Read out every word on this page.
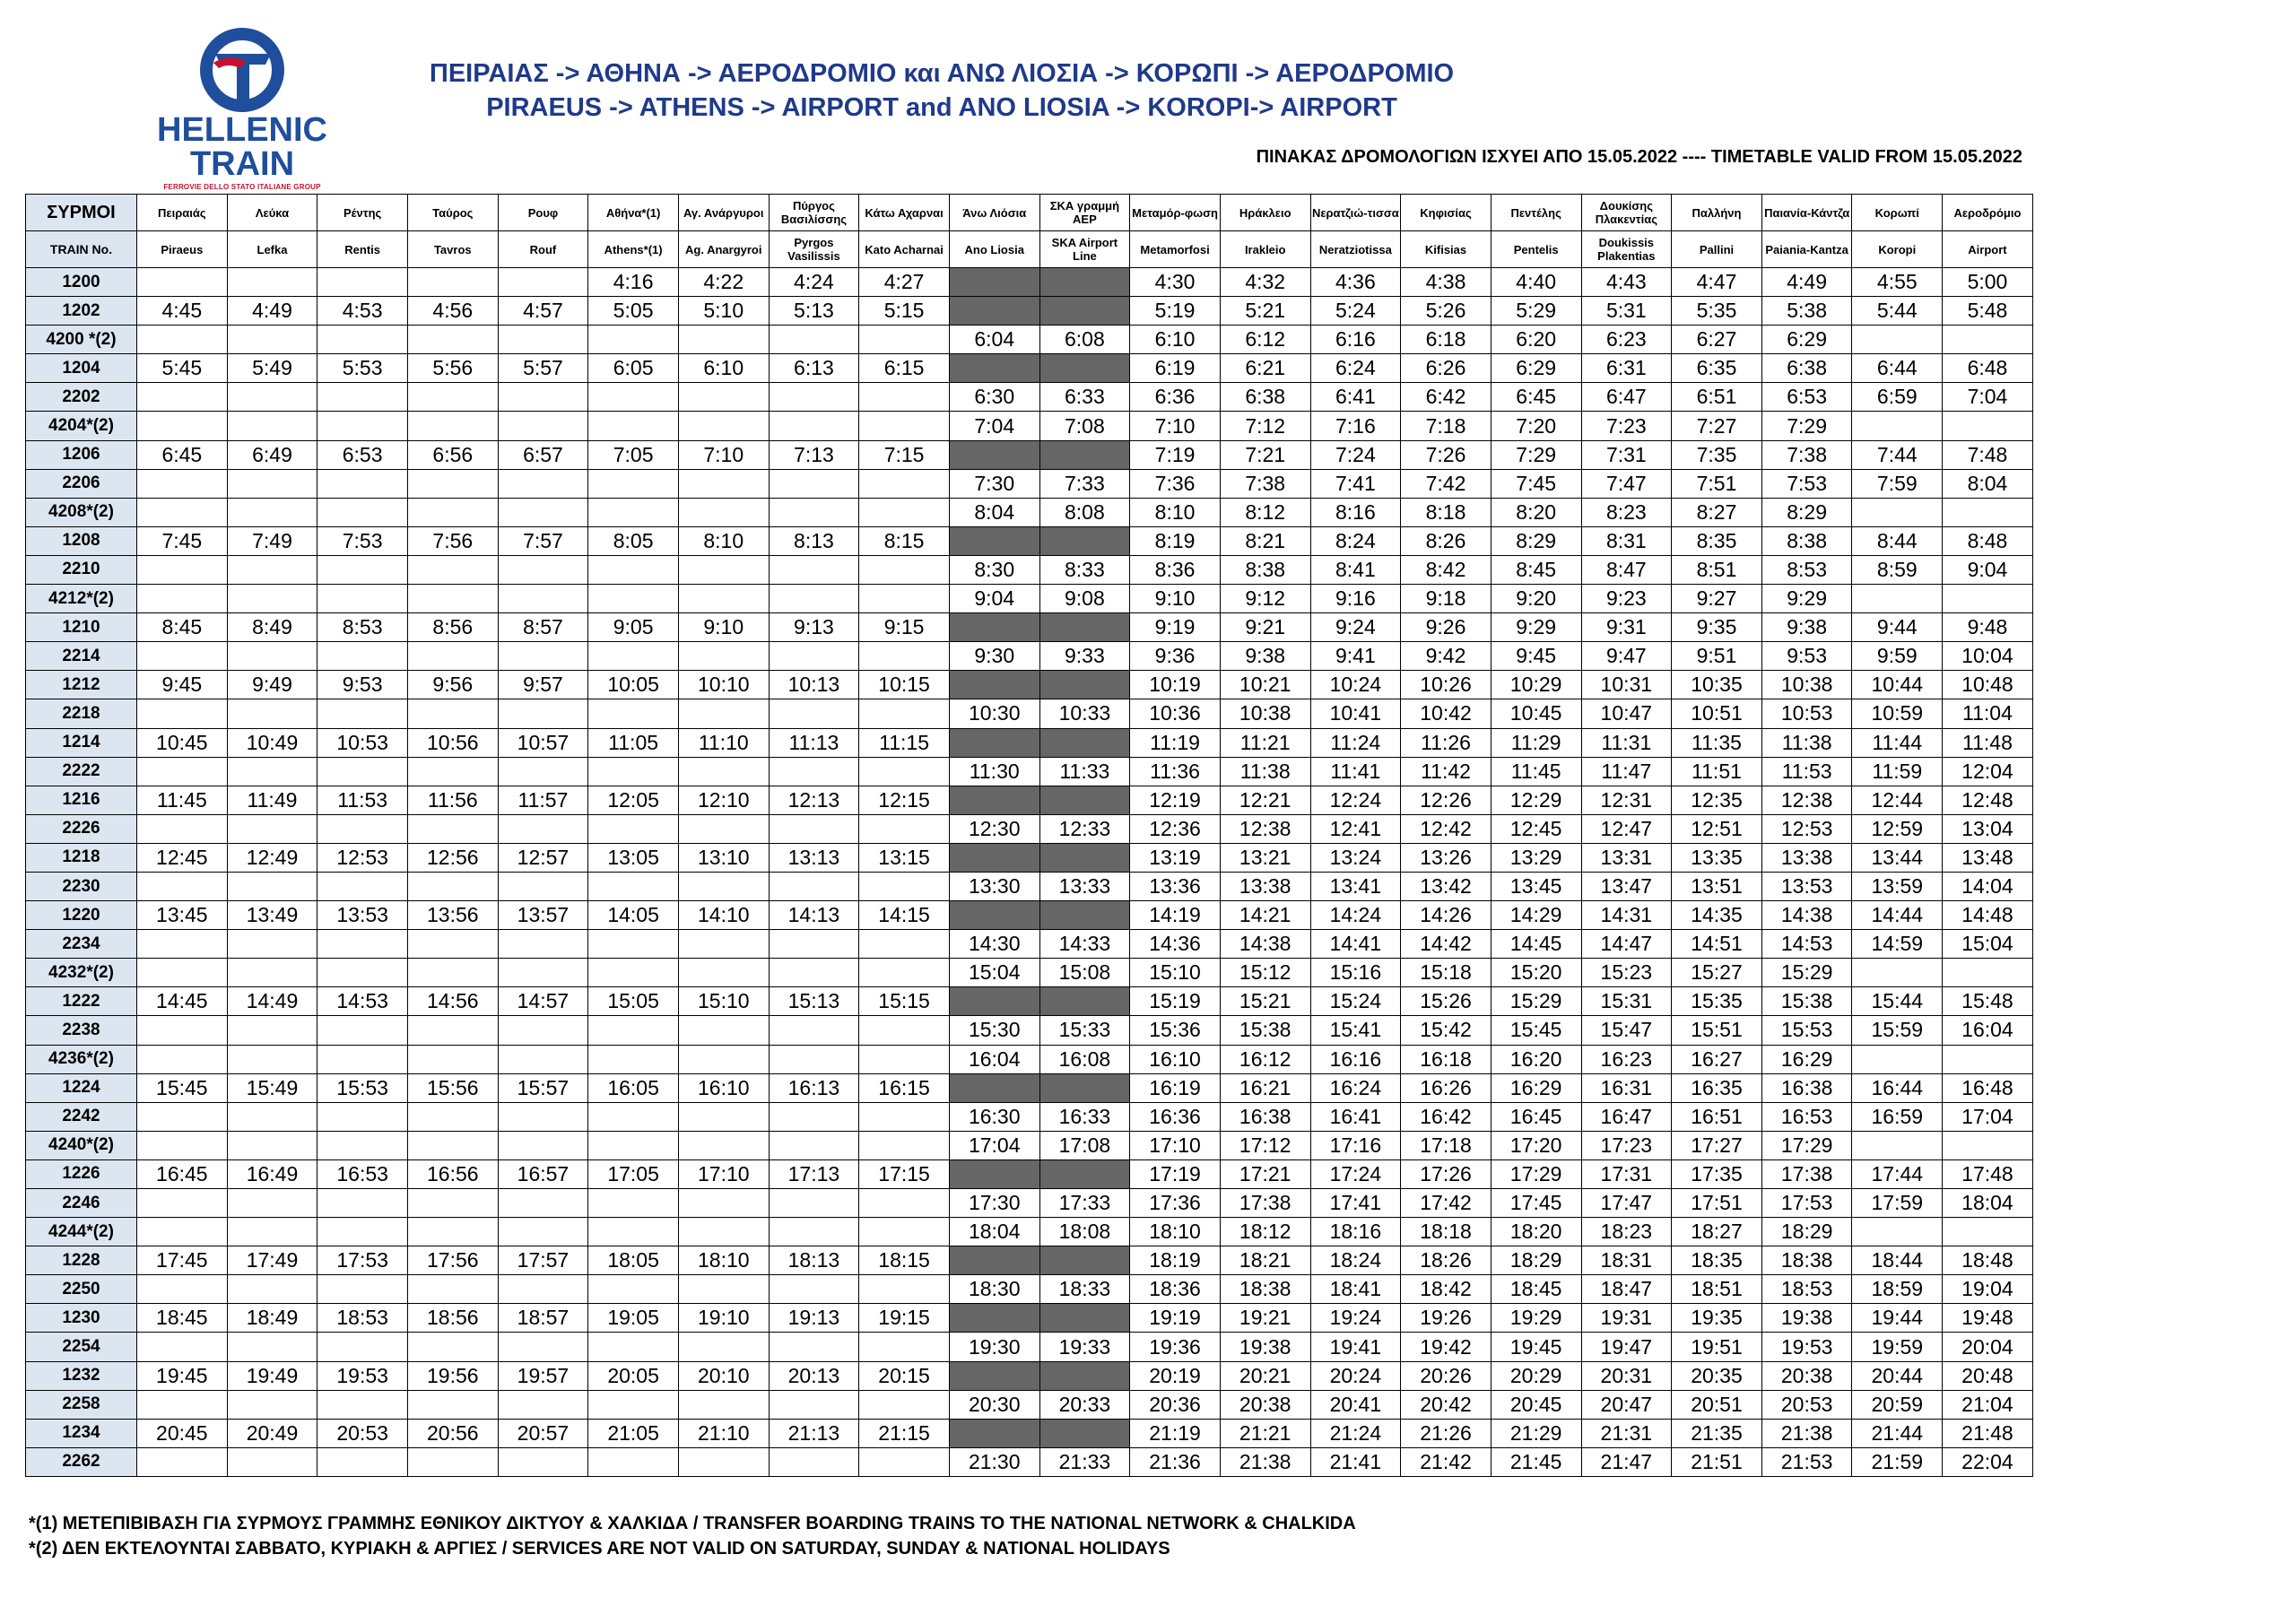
HELLENIC
TRAIN
FERROVIE DELLO STATO ITALIANE GROUP
ΠΕΙΡΑΙΑΣ -> ΑΘΗΝΑ -> ΑΕΡΟΔΡΟΜΙΟ και ΑΝΩ ΛΙΟΣΙΑ -> ΚΟΡΩΠΙ -> ΑΕΡΟΔΡΟΜΙΟ
PIRAEUS -> ATHENS -> AIRPORT and ANO LIOSIA -> KOROPI-> AIRPORT
ΠΙΝΑΚΑΣ ΔΡΟΜΟΛΟΓΙΩΝ ΙΣΧΥΕΙ ΑΠΟ 15.05.2022 ---- TIMETABLE VALID FROM 15.05.2022
ΣΥΡΜΟΙ	Πειραιάς	Λεύκα	Ρέντης	Ταύρος	Ρουφ	Αθήνα*(1)	Αγ. Ανάργυροι	Πύργος Βασιλίσσης	Κάτω Αχαρναι	Άνω Λιόσια	ΣΚΑ γραμμή ΑΕΡ	Μεταμόρ-φωση	Ηράκλειο	Νερατζιώ-τισσα	Κηφισίας	Πεντέλης	Δουκίσης Πλακεντίας	Παλλήνη	Παιανία-Κάντζα	Κορωπί	Αεροδρόμιο

TRAIN No.	Piraeus	Lefka	Rentis	Tavros	Rouf	Athens*(1)	Ag. Anargyroi	Pyrgos Vasilissis	Kato Acharnai	Ano Liosia	SKA Airport Line	Metamorfosi	Irakleio	Neratziotissa	Kifisias	Pentelis	Doukissis Plakentias	Pallini	Paiania-Kantza	Koropi	Airport

1200						4:16	4:22	4:24	4:27			4:30	4:32	4:36	4:38	4:40	4:43	4:47	4:49	4:55	5:00
1202	4:45	4:49	4:53	4:56	4:57	5:05	5:10	5:13	5:15			5:19	5:21	5:24	5:26	5:29	5:31	5:35	5:38	5:44	5:48
4200 *(2)										6:04	6:08	6:10	6:12	6:16	6:18	6:20	6:23	6:27	6:29		
1204	5:45	5:49	5:53	5:56	5:57	6:05	6:10	6:13	6:15			6:19	6:21	6:24	6:26	6:29	6:31	6:35	6:38	6:44	6:48
2202										6:30	6:33	6:36	6:38	6:41	6:42	6:45	6:47	6:51	6:53	6:59	7:04
4204*(2)										7:04	7:08	7:10	7:12	7:16	7:18	7:20	7:23	7:27	7:29		
1206	6:45	6:49	6:53	6:56	6:57	7:05	7:10	7:13	7:15			7:19	7:21	7:24	7:26	7:29	7:31	7:35	7:38	7:44	7:48
2206										7:30	7:33	7:36	7:38	7:41	7:42	7:45	7:47	7:51	7:53	7:59	8:04
4208*(2)										8:04	8:08	8:10	8:12	8:16	8:18	8:20	8:23	8:27	8:29		
1208	7:45	7:49	7:53	7:56	7:57	8:05	8:10	8:13	8:15			8:19	8:21	8:24	8:26	8:29	8:31	8:35	8:38	8:44	8:48
2210										8:30	8:33	8:36	8:38	8:41	8:42	8:45	8:47	8:51	8:53	8:59	9:04
4212*(2)										9:04	9:08	9:10	9:12	9:16	9:18	9:20	9:23	9:27	9:29		
1210	8:45	8:49	8:53	8:56	8:57	9:05	9:10	9:13	9:15			9:19	9:21	9:24	9:26	9:29	9:31	9:35	9:38	9:44	9:48
2214										9:30	9:33	9:36	9:38	9:41	9:42	9:45	9:47	9:51	9:53	9:59	10:04
1212	9:45	9:49	9:53	9:56	9:57	10:05	10:10	10:13	10:15			10:19	10:21	10:24	10:26	10:29	10:31	10:35	10:38	10:44	10:48
2218										10:30	10:33	10:36	10:38	10:41	10:42	10:45	10:47	10:51	10:53	10:59	11:04
1214	10:45	10:49	10:53	10:56	10:57	11:05	11:10	11:13	11:15			11:19	11:21	11:24	11:26	11:29	11:31	11:35	11:38	11:44	11:48
2222										11:30	11:33	11:36	11:38	11:41	11:42	11:45	11:47	11:51	11:53	11:59	12:04
1216	11:45	11:49	11:53	11:56	11:57	12:05	12:10	12:13	12:15			12:19	12:21	12:24	12:26	12:29	12:31	12:35	12:38	12:44	12:48
2226										12:30	12:33	12:36	12:38	12:41	12:42	12:45	12:47	12:51	12:53	12:59	13:04
1218	12:45	12:49	12:53	12:56	12:57	13:05	13:10	13:13	13:15			13:19	13:21	13:24	13:26	13:29	13:31	13:35	13:38	13:44	13:48
2230										13:30	13:33	13:36	13:38	13:41	13:42	13:45	13:47	13:51	13:53	13:59	14:04
1220	13:45	13:49	13:53	13:56	13:57	14:05	14:10	14:13	14:15			14:19	14:21	14:24	14:26	14:29	14:31	14:35	14:38	14:44	14:48
2234										14:30	14:33	14:36	14:38	14:41	14:42	14:45	14:47	14:51	14:53	14:59	15:04
4232*(2)										15:04	15:08	15:10	15:12	15:16	15:18	15:20	15:23	15:27	15:29		
1222	14:45	14:49	14:53	14:56	14:57	15:05	15:10	15:13	15:15			15:19	15:21	15:24	15:26	15:29	15:31	15:35	15:38	15:44	15:48
2238										15:30	15:33	15:36	15:38	15:41	15:42	15:45	15:47	15:51	15:53	15:59	16:04
4236*(2)										16:04	16:08	16:10	16:12	16:16	16:18	16:20	16:23	16:27	16:29		
1224	15:45	15:49	15:53	15:56	15:57	16:05	16:10	16:13	16:15			16:19	16:21	16:24	16:26	16:29	16:31	16:35	16:38	16:44	16:48
2242										16:30	16:33	16:36	16:38	16:41	16:42	16:45	16:47	16:51	16:53	16:59	17:04
4240*(2)										17:04	17:08	17:10	17:12	17:16	17:18	17:20	17:23	17:27	17:29		
1226	16:45	16:49	16:53	16:56	16:57	17:05	17:10	17:13	17:15			17:19	17:21	17:24	17:26	17:29	17:31	17:35	17:38	17:44	17:48
2246										17:30	17:33	17:36	17:38	17:41	17:42	17:45	17:47	17:51	17:53	17:59	18:04
4244*(2)										18:04	18:08	18:10	18:12	18:16	18:18	18:20	18:23	18:27	18:29		
1228	17:45	17:49	17:53	17:56	17:57	18:05	18:10	18:13	18:15			18:19	18:21	18:24	18:26	18:29	18:31	18:35	18:38	18:44	18:48
2250										18:30	18:33	18:36	18:38	18:41	18:42	18:45	18:47	18:51	18:53	18:59	19:04
1230	18:45	18:49	18:53	18:56	18:57	19:05	19:10	19:13	19:15			19:19	19:21	19:24	19:26	19:29	19:31	19:35	19:38	19:44	19:48
2254										19:30	19:33	19:36	19:38	19:41	19:42	19:45	19:47	19:51	19:53	19:59	20:04
1232	19:45	19:49	19:53	19:56	19:57	20:05	20:10	20:13	20:15			20:19	20:21	20:24	20:26	20:29	20:31	20:35	20:38	20:44	20:48
2258										20:30	20:33	20:36	20:38	20:41	20:42	20:45	20:47	20:51	20:53	20:59	21:04
1234	20:45	20:49	20:53	20:56	20:57	21:05	21:10	21:13	21:15			21:19	21:21	21:24	21:26	21:29	21:31	21:35	21:38	21:44	21:48
2262										21:30	21:33	21:36	21:38	21:41	21:42	21:45	21:47	21:51	21:53	21:59	22:04
*(1) ΜΕΤΕΠΙΒΙΒΑΣΗ ΓΙΑ ΣΥΡΜΟΥΣ ΓΡΑΜΜΗΣ ΕΘΝΙΚΟΥ ΔΙΚΤΥΟΥ & ΧΑΛΚΙΔΑ / TRANSFER BOARDING TRAINS TO THE NATIONAL NETWORK & CHALKIDA
*(2) ΔΕΝ ΕΚΤΕΛΟΥΝΤΑΙ ΣΑΒΒΑΤΟ, ΚΥΡΙΑΚΗ & ΑΡΓΙΕΣ / SERVICES ARE NOT VALID ON SATURDAY, SUNDAY & NATIONAL HOLIDAYS
